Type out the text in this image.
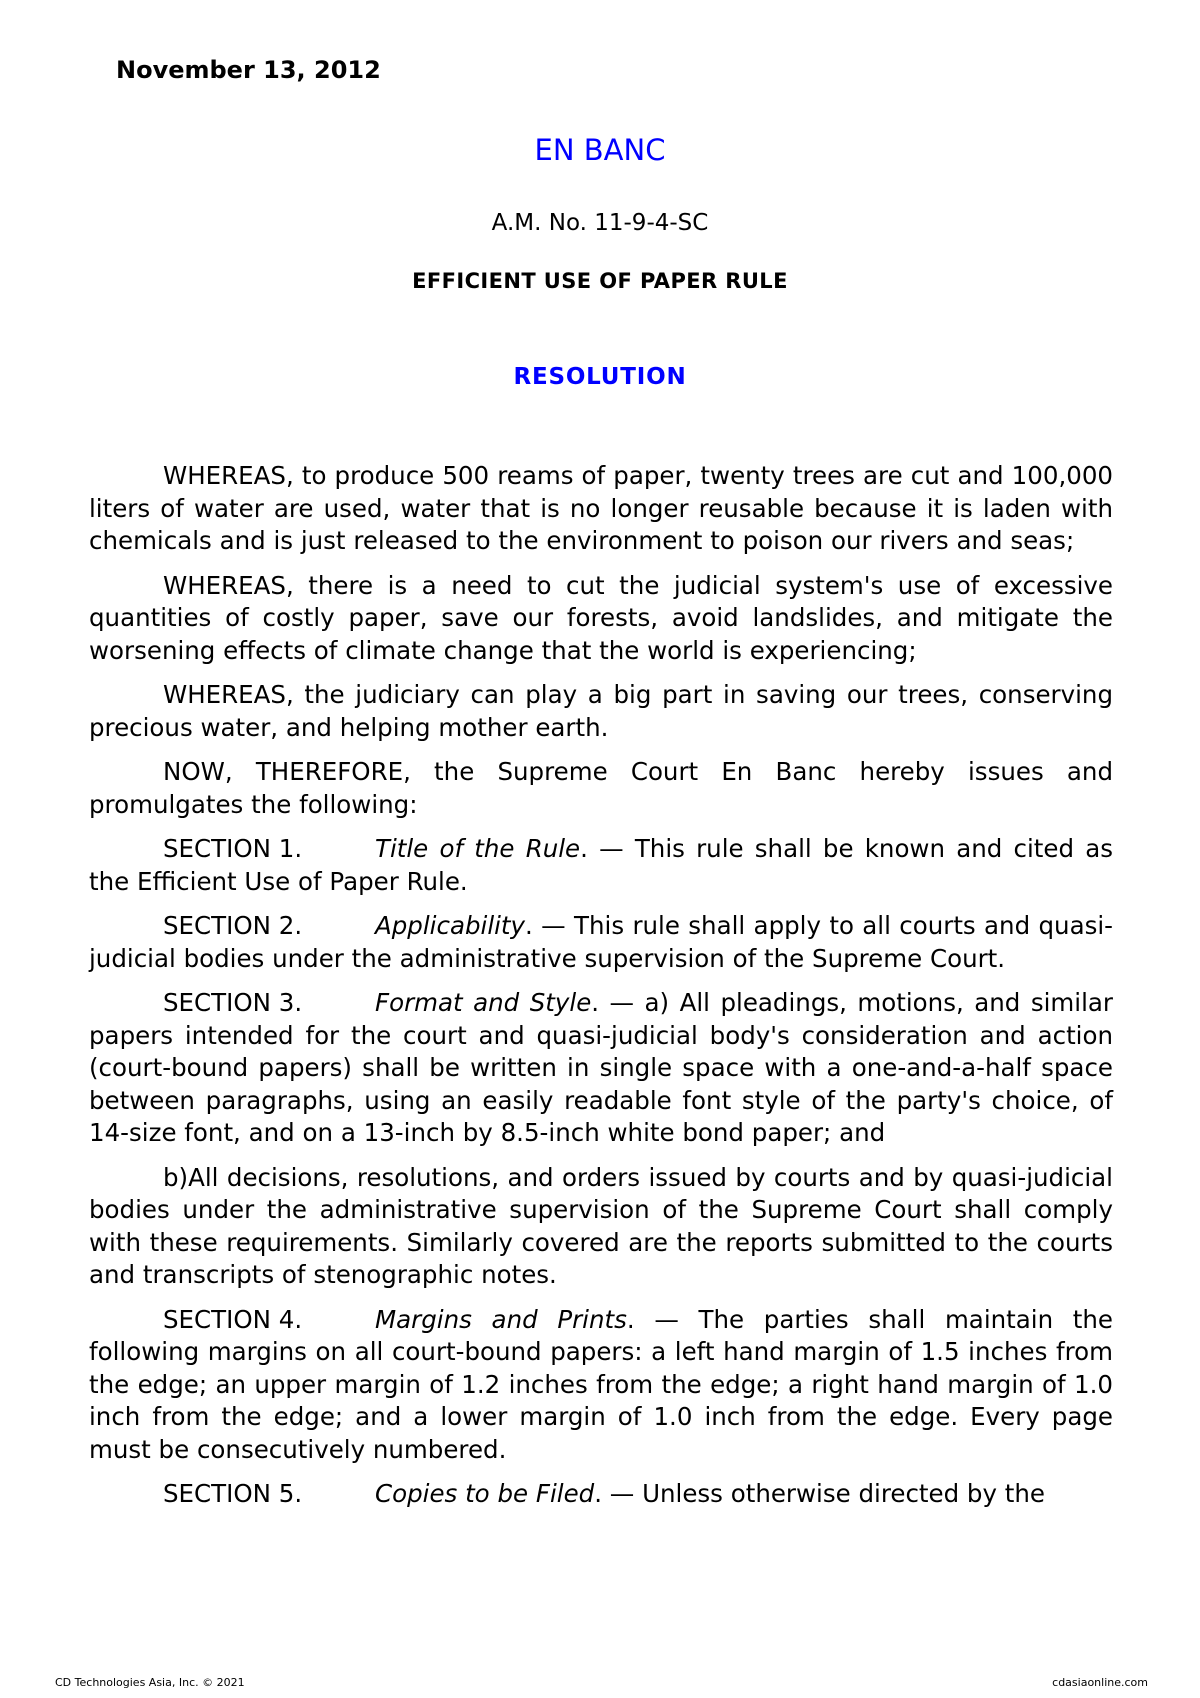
November 13, 2012

EN BANC

A.M. No. 11-9-4-SC

EFFICIENT USE OF PAPER RULE

RESOLUTION

WHEREAS, to produce 500 reams of paper, twenty trees are cut and 100,000 liters of water are used, water that is no longer reusable because it is laden with chemicals and is just released to the environment to poison our rivers and seas;

WHEREAS, there is a need to cut the judicial system's use of excessive quantities of costly paper, save our forests, avoid landslides, and mitigate the worsening effects of climate change that the world is experiencing;

WHEREAS, the judiciary can play a big part in saving our trees, conserving precious water, and helping mother earth.

NOW, THEREFORE, the Supreme Court En Banc hereby issues and promulgates the following:

SECTION 1.	Title of the Rule. — This rule shall be known and cited as the Efficient Use of Paper Rule.

SECTION 2.	Applicability. — This rule shall apply to all courts and quasi-judicial bodies under the administrative supervision of the Supreme Court.

SECTION 3.	Format and Style. — a) All pleadings, motions, and similar papers intended for the court and quasi-judicial body's consideration and action (court-bound papers) shall be written in single space with a one-and-a-half space between paragraphs, using an easily readable font style of the party's choice, of 14-size font, and on a 13-inch by 8.5-inch white bond paper; and

b)All decisions, resolutions, and orders issued by courts and by quasi-judicial bodies under the administrative supervision of the Supreme Court shall comply with these requirements. Similarly covered are the reports submitted to the courts and transcripts of stenographic notes.

SECTION 4.	Margins and Prints. — The parties shall maintain the following margins on all court-bound papers: a left hand margin of 1.5 inches from the edge; an upper margin of 1.2 inches from the edge; a right hand margin of 1.0 inch from the edge; and a lower margin of 1.0 inch from the edge. Every page must be consecutively numbered.

SECTION 5.	Copies to be Filed. — Unless otherwise directed by the

CD Technologies Asia, Inc. © 2021	cdasiaonline.com
